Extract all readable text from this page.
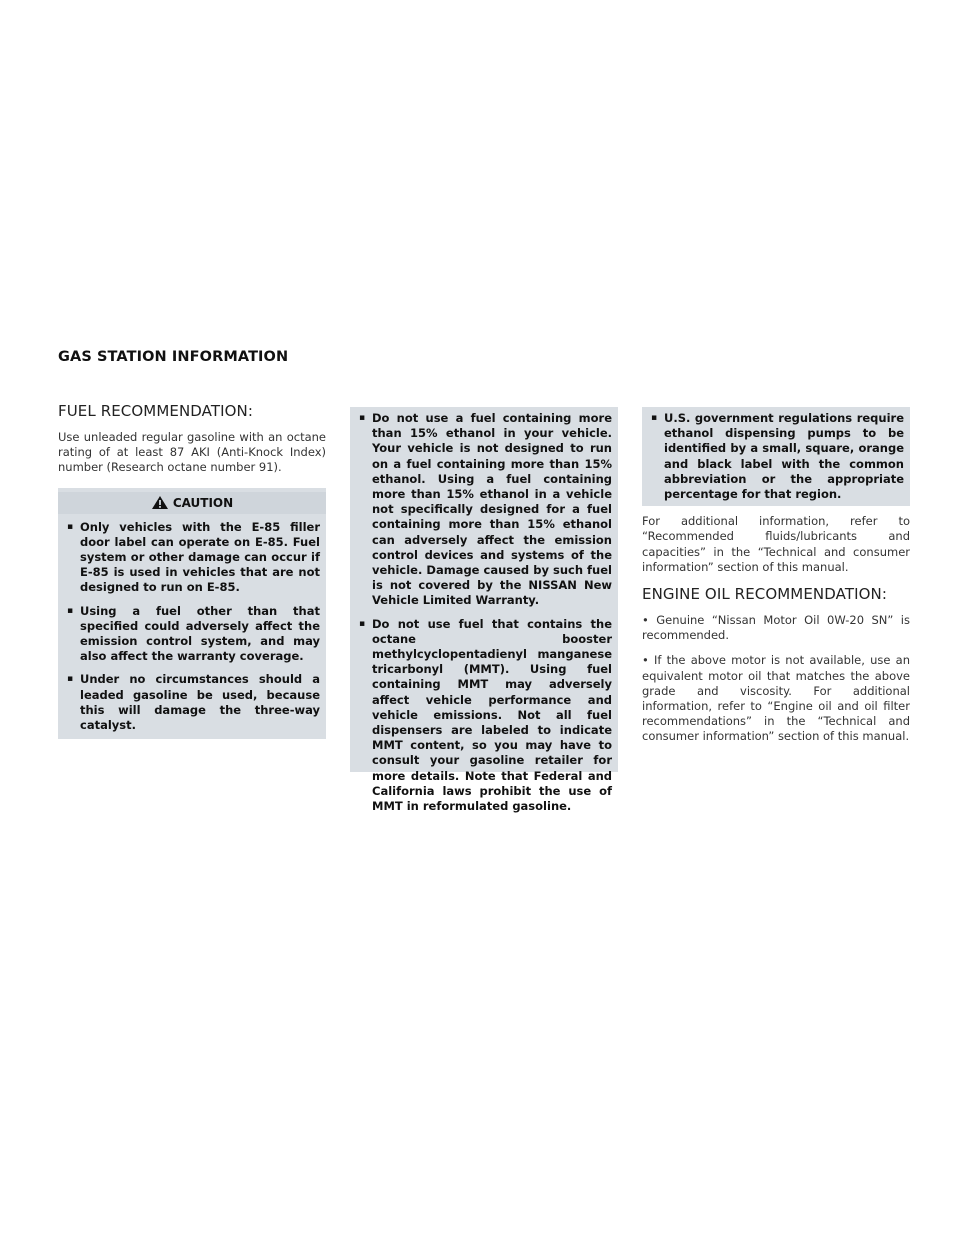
GAS STATION INFORMATION
FUEL RECOMMENDATION:

Use unleaded regular gasoline with an octane rating of at least 87 AKI (Anti-Knock Index) number (Research octane number 91).

CAUTION
▪ Only vehicles with the E-85 filler door label can operate on E-85. Fuel system or other damage can occur if E-85 is used in vehicles that are not designed to run on E-85.
▪ Using a fuel other than that specified could adversely affect the emission control system, and may also affect the warranty coverage.
▪ Under no circumstances should a leaded gasoline be used, because this will damage the three-way catalyst.
▪ Do not use a fuel containing more than 15% ethanol in your vehicle. Your vehicle is not designed to run on a fuel containing more than 15% ethanol. Using a fuel containing more than 15% ethanol in a vehicle not specifically designed for a fuel containing more than 15% ethanol can adversely affect the emission control devices and systems of the vehicle. Damage caused by such fuel is not covered by the NISSAN New Vehicle Limited Warranty.
▪ Do not use fuel that contains the octane booster methylcyclopentadienyl manganese tricarbonyl (MMT). Using fuel containing MMT may adversely affect vehicle performance and vehicle emissions. Not all fuel dispensers are labeled to indicate MMT content, so you may have to consult your gasoline retailer for more details. Note that Federal and California laws prohibit the use of MMT in reformulated gasoline.
▪ U.S. government regulations require ethanol dispensing pumps to be identified by a small, square, orange and black label with the common abbreviation or the appropriate percentage for that region.

For additional information, refer to “Recommended fluids/lubricants and capacities” in the “Technical and consumer information” section of this manual.

ENGINE OIL RECOMMENDATION:

• Genuine “Nissan Motor Oil 0W-20 SN” is recommended.

• If the above motor is not available, use an equivalent motor oil that matches the above grade and viscosity. For additional information, refer to “Engine oil and oil filter recommendations” in the “Technical and consumer information” section of this manual.
